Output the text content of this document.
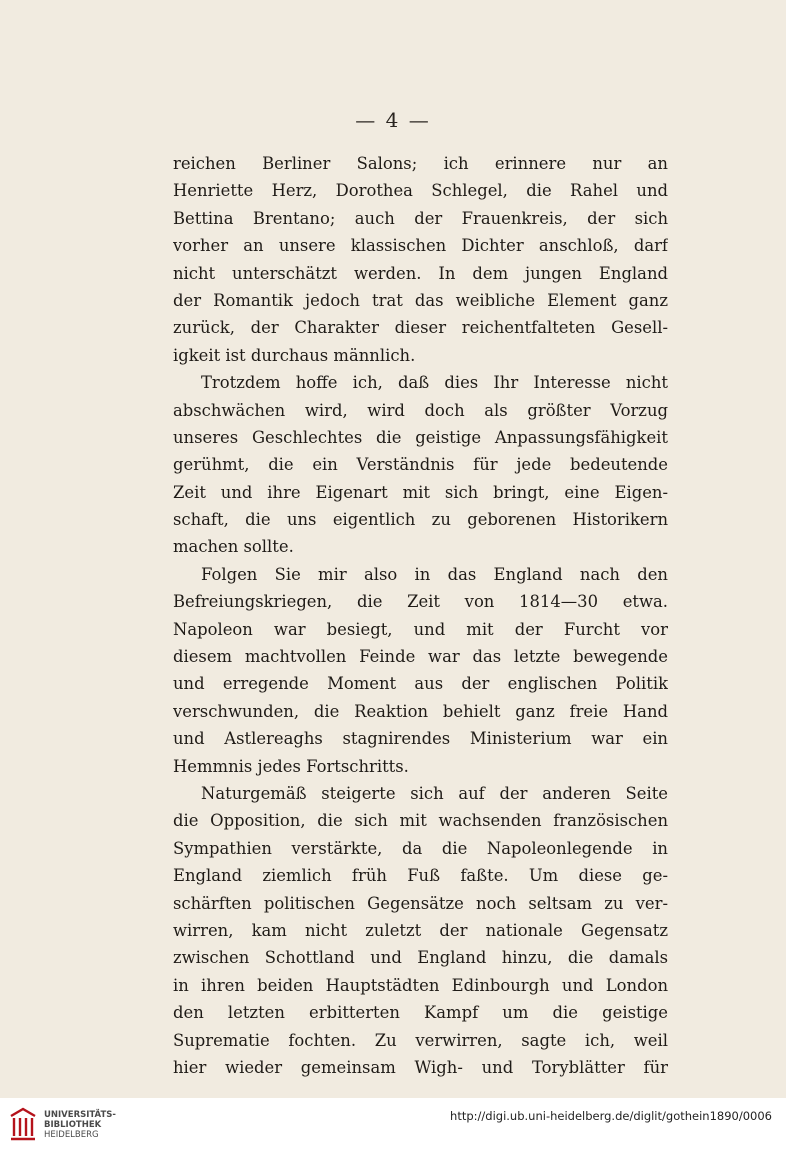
— 4 —
reichen Berliner Salons; ich erinnere nur an
Henriette Herz, Dorothea Schlegel, die Rahel und
Bettina Brentano; auch der Frauenkreis, der sich
vorher an unsere klassischen Dichter anschloß, darf
nicht unterschätzt werden. In dem jungen England
der Romantik jedoch trat das weibliche Element ganz
zurück, der Charakter dieser reichentfalteten Gesell-
igkeit ist durchaus männlich.
Trotzdem hoffe ich, daß dies Ihr Interesse nicht
abschwächen wird, wird doch als größter Vorzug
unseres Geschlechtes die geistige Anpassungsfähigkeit
gerühmt, die ein Verständnis für jede bedeutende
Zeit und ihre Eigenart mit sich bringt, eine Eigen-
schaft, die uns eigentlich zu geborenen Historikern
machen sollte.
Folgen Sie mir also in das England nach den
Befreiungskriegen, die Zeit von 1814—30 etwa.
Napoleon war besiegt, und mit der Furcht vor
diesem machtvollen Feinde war das letzte bewegende
und erregende Moment aus der englischen Politik
verschwunden, die Reaktion behielt ganz freie Hand
und Astlereaghs stagnirendes Ministerium war ein
Hemmnis jedes Fortschritts.
Naturgemäß steigerte sich auf der anderen Seite
die Opposition, die sich mit wachsenden französischen
Sympathien verstärkte, da die Napoleonlegende in
England ziemlich früh Fuß faßte. Um diese ge-
schärften politischen Gegensätze noch seltsam zu ver-
wirren, kam nicht zuletzt der nationale Gegensatz
zwischen Schottland und England hinzu, die damals
in ihren beiden Hauptstädten Edinbourgh und London
den letzten erbitterten Kampf um die geistige
Suprematie fochten. Zu verwirren, sagte ich, weil
hier wieder gemeinsam Wigh- und Toryblätter für
UNIVERSITÄTS-
BIBLIOTHEK
HEIDELBERG
http://digi.ub.uni-heidelberg.de/diglit/gothein1890/0006
